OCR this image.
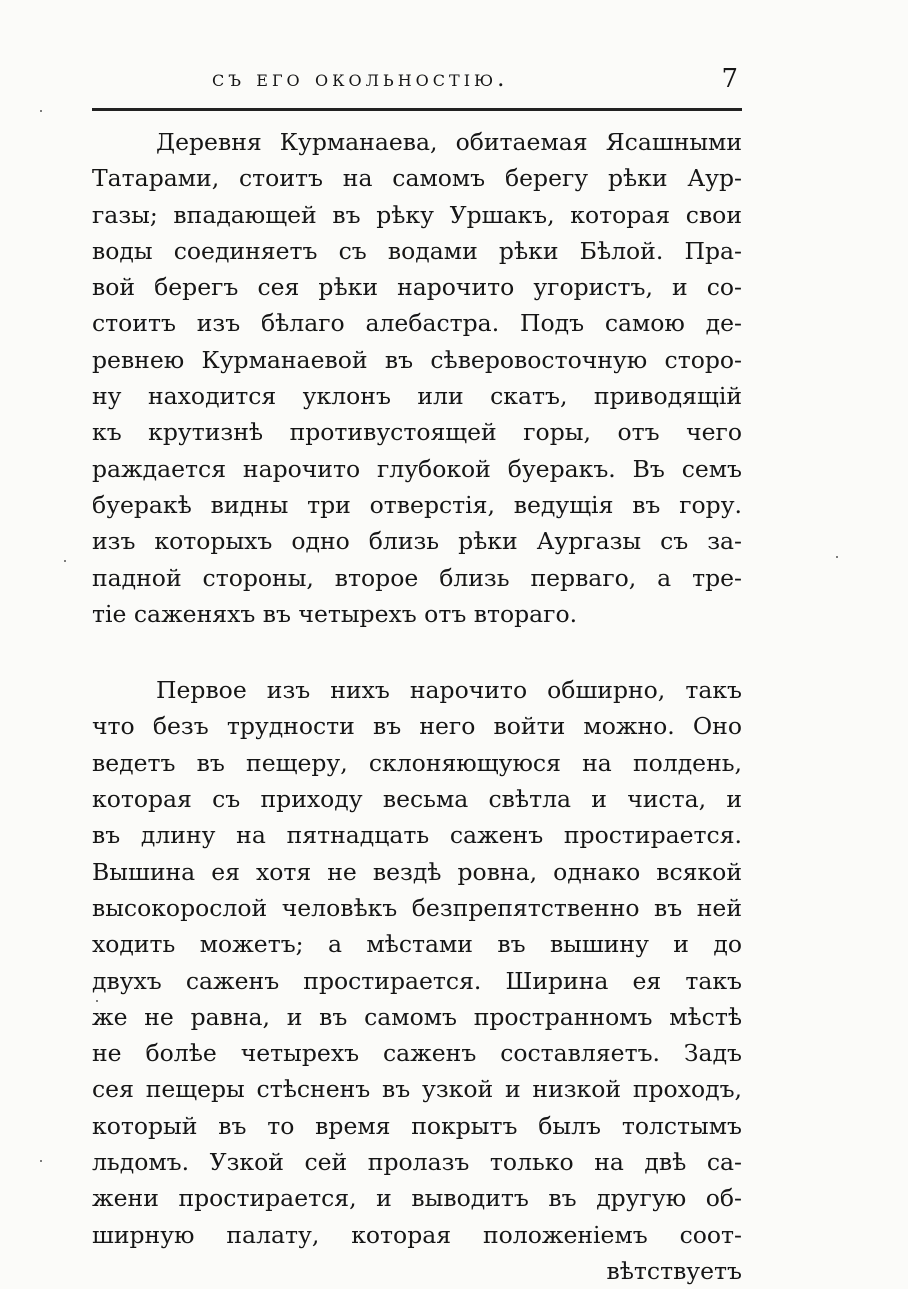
съ его окольностію.	7

Деревня Курманаева, обитаемая Ясашными
Татарами, стоитъ на самомъ берегу рѣки Аур-
газы; впадающей въ рѣку Уршакъ, которая свои
воды соединяетъ съ водами рѣки Бѣлой. Пра-
вой берегъ сея рѣки нарочито угористъ, и со-
стоитъ изъ бѣлаго алебастра. Подъ самою де-
ревнею Курманаевой въ сѣверовосточную сторо-
ну находится уклонъ или скатъ, приводящій
къ крутизнѣ противустоящей горы, отъ чего
раждается нарочито глубокой буеракъ. Въ семъ
буеракѣ видны три отверстія, ведущія въ гору.
изъ которыхъ одно близь рѣки Аургазы съ за-
падной стороны, второе близь перваго, а тре-
тіе саженяхъ въ четырехъ отъ втораго.

Первое изъ нихъ нарочито обширно, такъ
что безъ трудности въ него войти можно. Оно
ведетъ въ пещеру, склоняющуюся на полдень,
которая съ приходу весьма свѣтла и чиста, и
въ длину на пятнадцать саженъ простирается.
Вышина ея хотя не вездѣ ровна, однако всякой
высокорослой человѣкъ безпрепятственно въ ней
ходить можетъ; а мѣстами въ вышину и до
двухъ саженъ простирается. Ширина ея такъ
же не равна, и въ самомъ пространномъ мѣстѣ
не болѣе четырехъ саженъ составляетъ. Задъ
сея пещеры стѣсненъ въ узкой и низкой проходъ,
который въ то время покрытъ былъ толстымъ
льдомъ. Узкой сей пролазъ только на двѣ са-
жени простирается, и выводитъ въ другую об-
ширную палату, которая положеніемъ соот-

вѣтствуетъ
